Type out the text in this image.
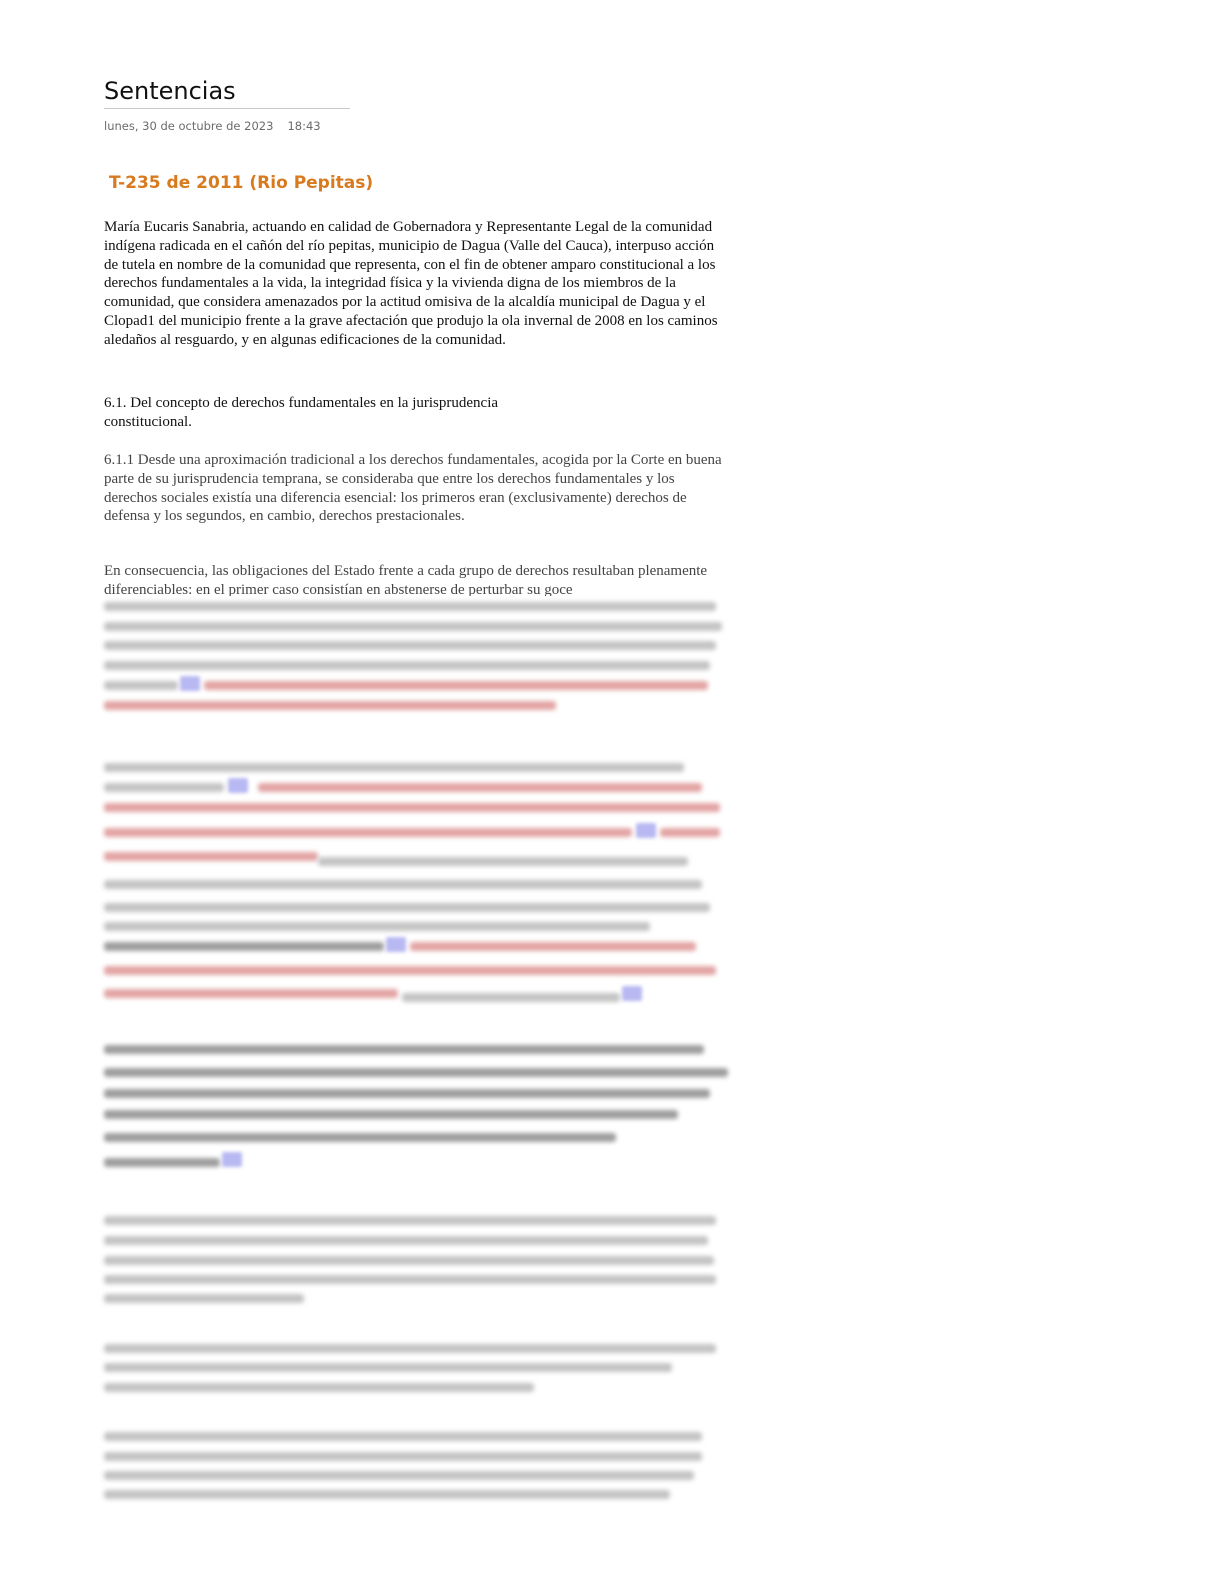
Sentencias
lunes, 30 de octubre de 2023 18:43
T-235 de 2011 (Rio Pepitas)

María Eucaris Sanabria, actuando en calidad de Gobernadora y Representante Legal de la comunidad indígena radicada en el cañón del río pepitas, municipio de Dagua (Valle del Cauca), interpuso acción de tutela en nombre de la comunidad que representa, con el fin de obtener amparo constitucional a los derechos fundamentales a la vida, la integridad física y la vivienda digna de los miembros de la comunidad, que considera amenazados por la actitud omisiva de la alcaldía municipal de Dagua y el Clopad1 del municipio frente a la grave afectación que produjo la ola invernal de 2008 en los caminos aledaños al resguardo, y en algunas edificaciones de la comunidad.

6.1. Del concepto de derechos fundamentales en la jurisprudencia constitucional.

6.1.1 Desde una aproximación tradicional a los derechos fundamentales, acogida por la Corte en buena parte de su jurisprudencia temprana, se consideraba que entre los derechos fundamentales y los derechos sociales existía una diferencia esencial: los primeros eran (exclusivamente) derechos de defensa y los segundos, en cambio, derechos prestacionales.

En consecuencia, las obligaciones del Estado frente a cada grupo de derechos resultaban plenamente diferenciables: en el primer caso consistían en abstenerse de perturbar su goce
